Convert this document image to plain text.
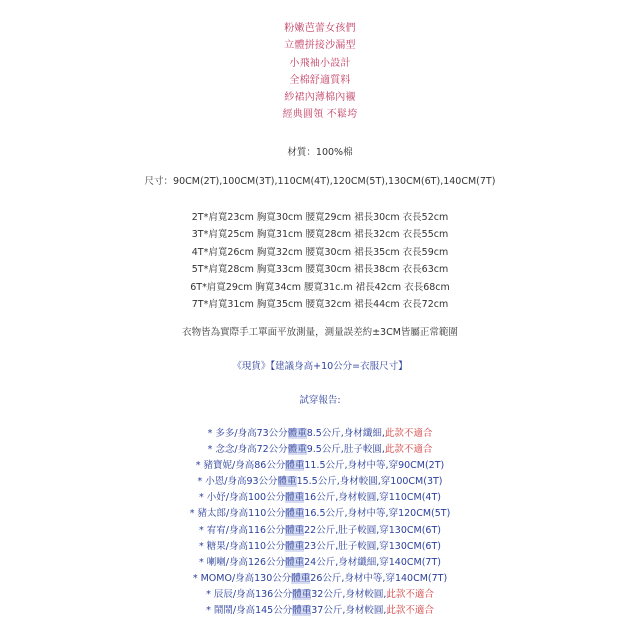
粉嫩芭蕾女孩們
立體拼接沙漏型
小飛袖小設計
全棉舒適質料
紗裙內薄棉內襯
經典圓領 不鬆垮
材質：100%棉
尺寸：90CM(2T),100CM(3T),110CM(4T),120CM(5T),130CM(6T),140CM(7T)
2T*肩寬23cm 胸寬30cm 腰寬29cm 裙長30cm 衣長52cm
3T*肩寬25cm 胸寬31cm 腰寬28cm 裙長32cm 衣長55cm
4T*肩寬26cm 胸寬32cm 腰寬30cm 裙長35cm 衣長59cm
5T*肩寬28cm 胸寬33cm 腰寬30cm 裙長38cm 衣長63cm
6T*肩寬29cm 胸寬34cm 腰寬31c.m 裙長42cm 衣長68cm
7T*肩寬31cm 胸寬35cm 腰寬32cm 裙長44cm 衣長72cm
衣物皆為實際手工單面平放測量，測量誤差約±3CM皆屬正常範圍
《現貨》【建議身高+10公分=衣服尺寸】
試穿報告:
* 多多/身高73公分體重8.5公斤,身材纖細,此款不適合
* 念念/身高72公分體重9.5公斤,肚子較圓,此款不適合
* 豬寶妮/身高86公分體重11.5公斤,身材中等,穿90CM(2T)
* 小恩/身高93公分體重15.5公斤,身材較圓,穿100CM(3T)
* 小妤/身高100公分體重16公斤,身材較圓,穿110CM(4T)
* 豬太郎/身高110公分體重16.5公斤,身材中等,穿120CM(5T)
* 宥宥/身高116公分體重22公斤,肚子較圓,穿130CM(6T)
* 糖果/身高110公分體重23公斤,肚子較圓,穿130CM(6T)
* 喇喇/身高126公分體重24公斤,身材纖細,穿140CM(7T)
* MOMO/身高130公分體重26公斤,身材中等,穿140CM(7T)
* 辰辰/身高136公分體重32公斤,身材較圓,此款不適合
* 鬧鬧/身高145公分體重37公斤,身材較圓,此款不適合
